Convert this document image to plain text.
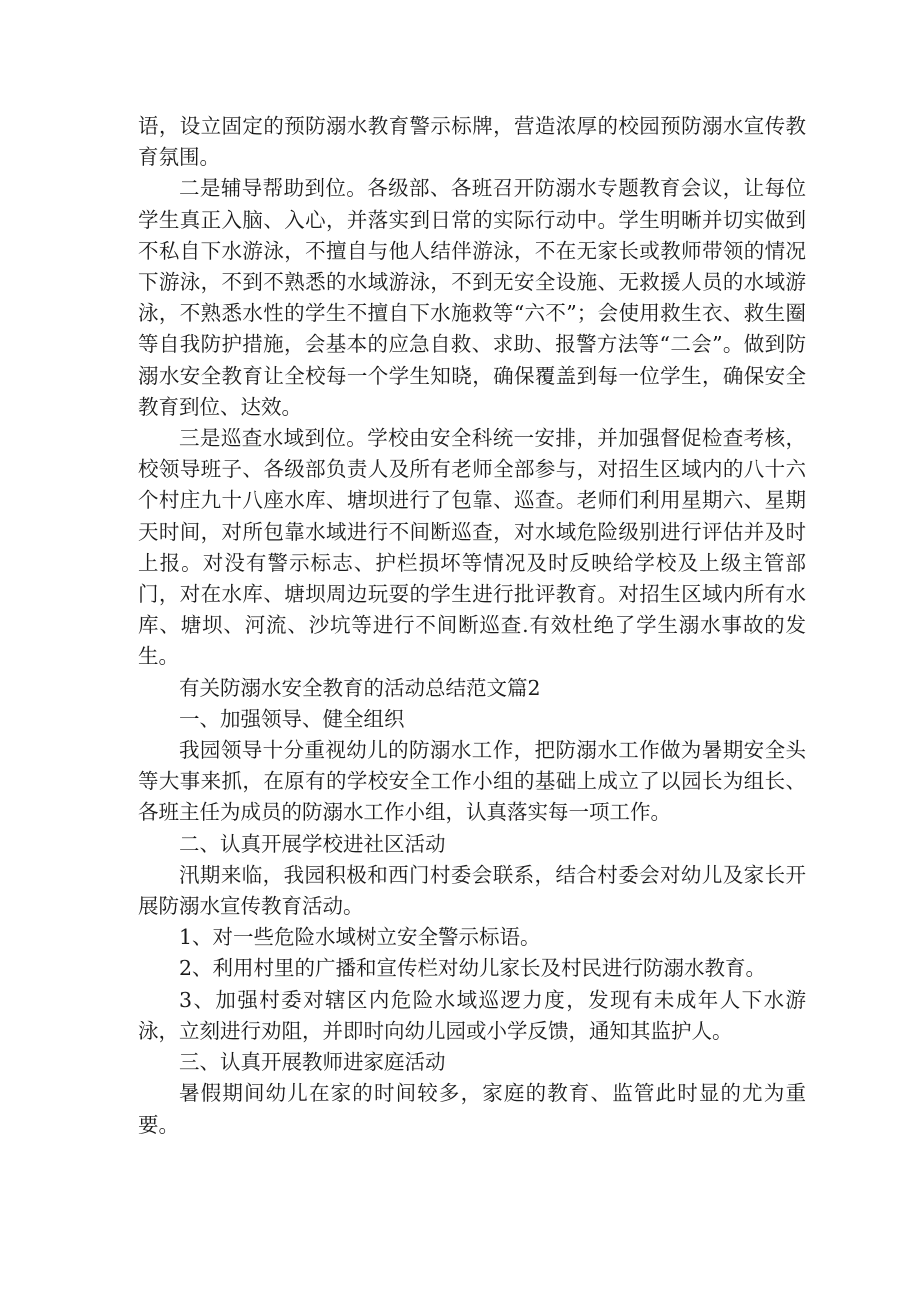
语，设立固定的预防溺水教育警示标牌，营造浓厚的校园预防溺水宣传教育氛围。

二是辅导帮助到位。各级部、各班召开防溺水专题教育会议，让每位学生真正入脑、入心，并落实到日常的实际行动中。学生明晰并切实做到不私自下水游泳，不擅自与他人结伴游泳，不在无家长或教师带领的情况下游泳，不到不熟悉的水域游泳，不到无安全设施、无救援人员的水域游泳，不熟悉水性的学生不擅自下水施救等“六不”；会使用救生衣、救生圈等自我防护措施，会基本的应急自救、求助、报警方法等“二会”。做到防溺水安全教育让全校每一个学生知晓，确保覆盖到每一位学生，确保安全教育到位、达效。

三是巡查水域到位。学校由安全科统一安排，并加强督促检查考核，校领导班子、各级部负责人及所有老师全部参与，对招生区域内的八十六个村庄九十八座水库、塘坝进行了包靠、巡查。老师们利用星期六、星期天时间，对所包靠水域进行不间断巡查，对水域危险级别进行评估并及时上报。对没有警示标志、护栏损坏等情况及时反映给学校及上级主管部门，对在水库、塘坝周边玩耍的学生进行批评教育。对招生区域内所有水库、塘坝、河流、沙坑等进行不间断巡查.有效杜绝了学生溺水事故的发生。

有关防溺水安全教育的活动总结范文篇2

一、加强领导、健全组织

我园领导十分重视幼儿的防溺水工作，把防溺水工作做为暑期安全头等大事来抓，在原有的学校安全工作小组的基础上成立了以园长为组长、各班主任为成员的防溺水工作小组，认真落实每一项工作。

二、认真开展学校进社区活动

汛期来临，我园积极和西门村委会联系，结合村委会对幼儿及家长开展防溺水宣传教育活动。

1、对一些危险水域树立安全警示标语。

2、利用村里的广播和宣传栏对幼儿家长及村民进行防溺水教育。

3、加强村委对辖区内危险水域巡逻力度，发现有未成年人下水游泳，立刻进行劝阻，并即时向幼儿园或小学反馈，通知其监护人。

三、认真开展教师进家庭活动

暑假期间幼儿在家的时间较多，家庭的教育、监管此时显的尤为重要。
